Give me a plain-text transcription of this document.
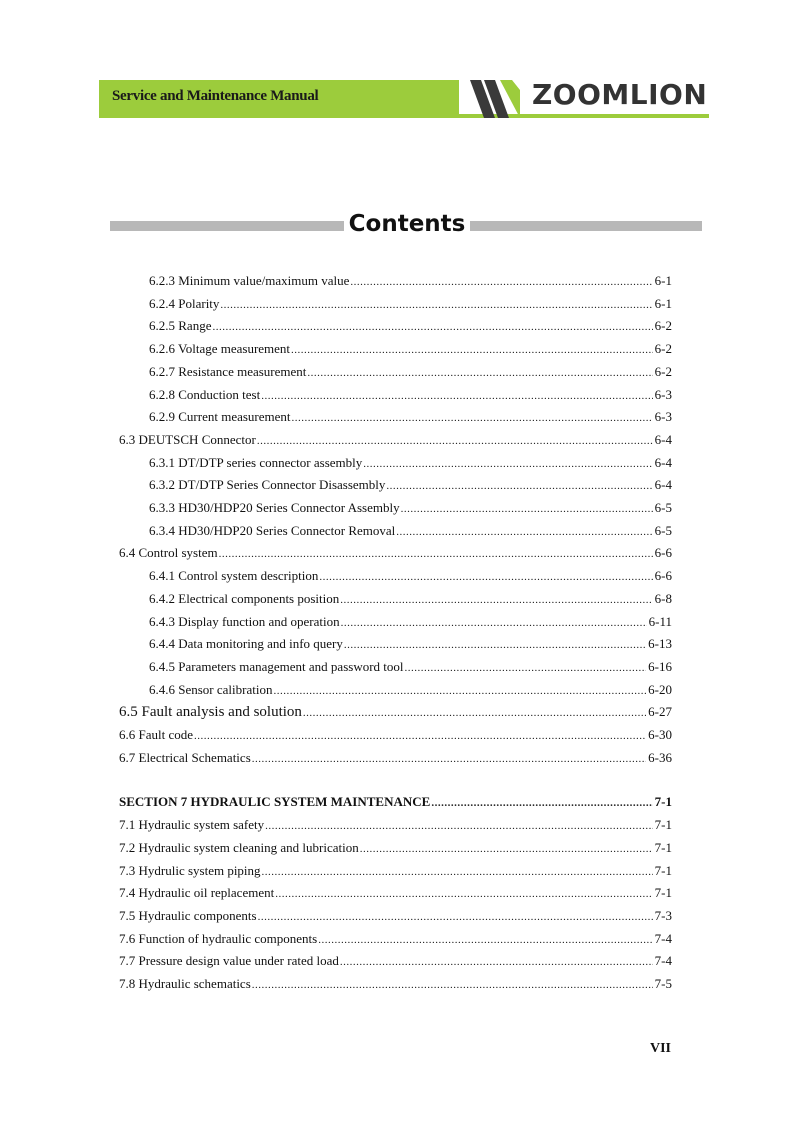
Service and Maintenance Manual	ZOOMLION
Contents
6.2.3 Minimum value/maximum value .....	6-1
6.2.4 Polarity .....	6-1
6.2.5 Range .....	6-2
6.2.6 Voltage measurement .....	6-2
6.2.7 Resistance measurement .....	6-2
6.2.8 Conduction test .....	6-3
6.2.9 Current measurement .....	6-3
6.3 DEUTSCH Connector .....	6-4
6.3.1 DT/DTP series connector assembly .....	6-4
6.3.2 DT/DTP Series Connector Disassembly .....	6-4
6.3.3 HD30/HDP20 Series Connector Assembly .....	6-5
6.3.4 HD30/HDP20 Series Connector Removal .....	6-5
6.4 Control system .....	6-6
6.4.1 Control system description .....	6-6
6.4.2 Electrical components position .....	6-8
6.4.3 Display function and operation .....	6-11
6.4.4 Data monitoring and info query .....	6-13
6.4.5 Parameters management and password tool .....	6-16
6.4.6 Sensor calibration .....	6-20
6.5 Fault analysis and solution .....	6-27
6.6 Fault code .....	6-30
6.7 Electrical Schematics .....	6-36
SECTION 7 HYDRAULIC SYSTEM MAINTENANCE .....	7-1
7.1 Hydraulic system safety .....	7-1
7.2 Hydraulic system cleaning and lubrication .....	7-1
7.3 Hydrulic system piping .....	7-1
7.4 Hydraulic oil replacement .....	7-1
7.5 Hydraulic components .....	7-3
7.6 Function of hydraulic components .....	7-4
7.7 Pressure design value under rated load .....	7-4
7.8 Hydraulic schematics .....	7-5
VII
